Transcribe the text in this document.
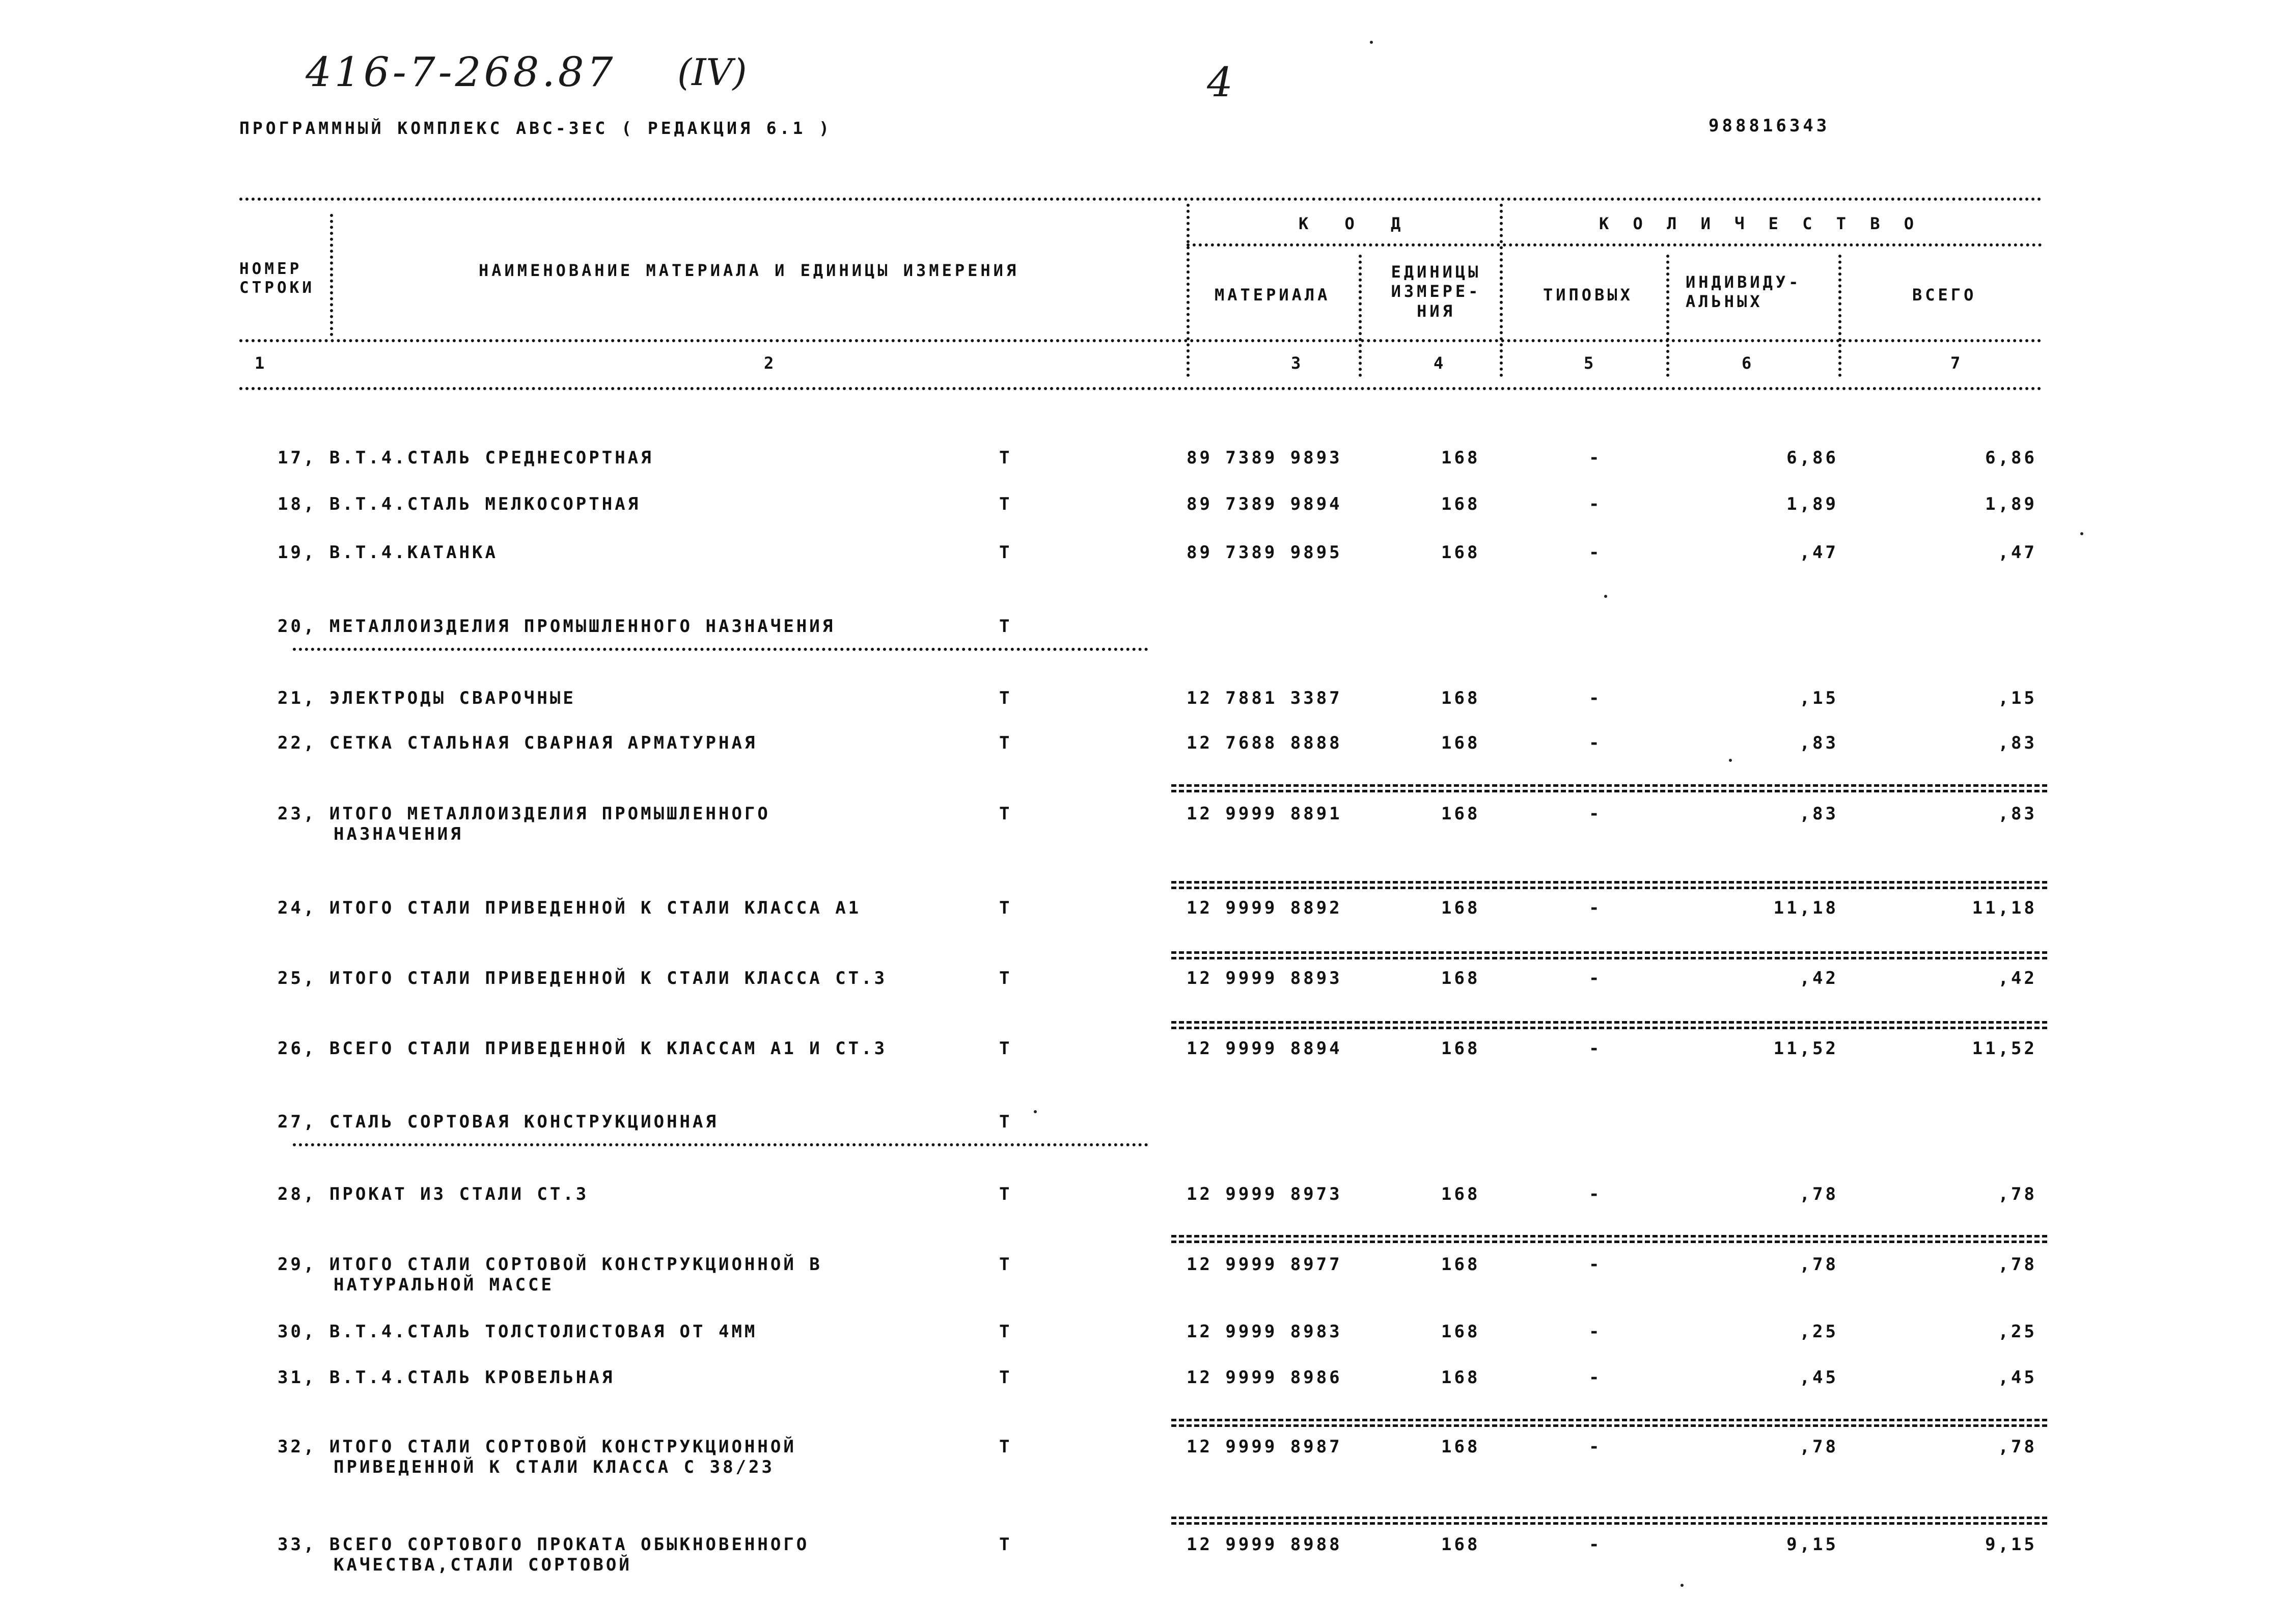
416-7-268.87 (IV)	4
ПРОГРАММНЫЙ КОМПЛЕКС АВС-3ЕС ( РЕДАКЦИЯ 6.1 )	988816343
НОМЕР СТРОКИ
НАИМЕНОВАНИЕ МАТЕРИАЛА И ЕДИНИЦЫ ИЗМЕРЕНИЯ
К О Д	К О Л И Ч Е С Т В О
МАТЕРИАЛА
ЕДИНИЦЫ ИЗМЕРЕ-НИЯ
ТИПОВЫХ
ИНДИВИДУ-АЛЬНЫХ	ВСЕГО
1	2	3	4	5	6	7
17, В.Т.4.СТАЛЬ СРЕДНЕСОРТНАЯ	Т	89 7389 9893	168	-	6,86	6,86
18, В.Т.4.СТАЛЬ МЕЛКОСОРТНАЯ	Т	89 7389 9894	168	-	1,89	1,89
19, В.Т.4.КАТАНКА	Т	89 7389 9895	168	-	,47	,47
20, МЕТАЛЛОИЗДЕЛИЯ ПРОМЫШЛЕННОГО НАЗНАЧЕНИЯ	Т
21, ЭЛЕКТРОДЫ СВАРОЧНЫЕ	Т	12 7881 3387	168	-	,15	,15
22, СЕТКА СТАЛЬНАЯ СВАРНАЯ АРМАТУРНАЯ	Т	12 7688 8888	168	-	,83	,83
23, ИТОГО МЕТАЛЛОИЗДЕЛИЯ ПРОМЫШЛЕННОГО
НАЗНАЧЕНИЯ
Т	12 9999 8891	168	-	,83	,83
24, ИТОГО СТАЛИ ПРИВЕДЕННОЙ К СТАЛИ КЛАССА А1	Т	12 9999 8892	168	-	11,18	11,18
25, ИТОГО СТАЛИ ПРИВЕДЕННОЙ К СТАЛИ КЛАССА СТ.3	Т	12 9999 8893	168	-	,42	,42
26, ВСЕГО СТАЛИ ПРИВЕДЕННОЙ К КЛАССАМ А1 И СТ.3	Т	12 9999 8894	168	-	11,52	11,52
27, СТАЛЬ СОРТОВАЯ КОНСТРУКЦИОННАЯ	Т
28, ПРОКАТ ИЗ СТАЛИ СТ.3	Т	12 9999 8973	168	-	,78	,78
29, ИТОГО СТАЛИ СОРТОВОЙ КОНСТРУКЦИОННОЙ В
НАТУРАЛЬНОЙ МАССЕ
Т	12 9999 8977	168	-	,78	,78
30, В.Т.4.СТАЛЬ ТОЛСТОЛИСТОВАЯ ОТ 4ММ	Т	12 9999 8983	168	-	,25	,25
31, В.Т.4.СТАЛЬ КРОВЕЛЬНАЯ	Т	12 9999 8986	168	-	,45	,45
32, ИТОГО СТАЛИ СОРТОВОЙ КОНСТРУКЦИОННОЙ
ПРИВЕДЕННОЙ К СТАЛИ КЛАССА С 38/23
Т	12 9999 8987	168	-	,78	,78
33, ВСЕГО СОРТОВОГО ПРОКАТА ОБЫКНОВЕННОГО
КАЧЕСТВА,СТАЛИ СОРТОВОЙ
Т	12 9999 8988	168	-	9,15	9,15
